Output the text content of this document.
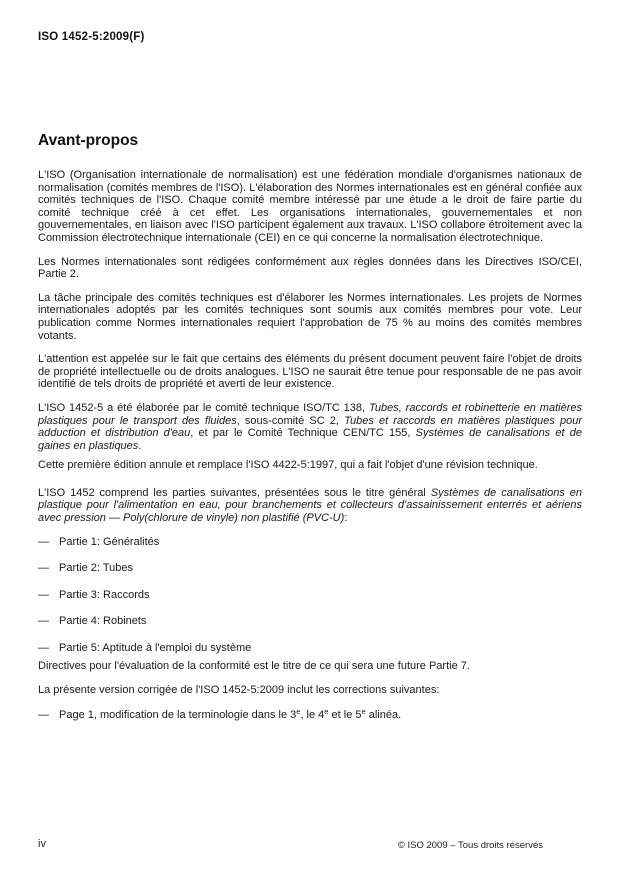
ISO 1452-5:2009(F)
Avant-propos

L'ISO (Organisation internationale de normalisation) est une fédération mondiale d'organismes nationaux de normalisation (comités membres de l'ISO). L'élaboration des Normes internationales est en général confiée aux comités techniques de l'ISO. Chaque comité membre intéressé par une étude a le droit de faire partie du comité technique créé à cet effet. Les organisations internationales, gouvernementales et non gouvernementales, en liaison avec l'ISO participent également aux travaux. L'ISO collabore étroitement avec la Commission électrotechnique internationale (CEI) en ce qui concerne la normalisation électrotechnique.

Les Normes internationales sont rédigées conformément aux règles données dans les Directives ISO/CEI, Partie 2.

La tâche principale des comités techniques est d'élaborer les Normes internationales. Les projets de Normes internationales adoptés par les comités techniques sont soumis aux comités membres pour vote. Leur publication comme Normes internationales requiert l'approbation de 75 % au moins des comités membres votants.

L'attention est appelée sur le fait que certains des éléments du présent document peuvent faire l'objet de droits de propriété intellectuelle ou de droits analogues. L'ISO ne saurait être tenue pour responsable de ne pas avoir identifié de tels droits de propriété et averti de leur existence.

L'ISO 1452-5 a été élaborée par le comité technique ISO/TC 138, Tubes, raccords et robinetterie en matières plastiques pour le transport des fluides, sous-comité SC 2, Tubes et raccords en matières plastiques pour adduction et distribution d'eau, et par le Comité Technique CEN/TC 155, Systèmes de canalisations et de gaines en plastiques.

Cette première édition annule et remplace l'ISO 4422-5:1997, qui a fait l'objet d'une révision technique.

L'ISO 1452 comprend les parties suivantes, présentées sous le titre général Systèmes de canalisations en plastique pour l'alimentation en eau, pour branchements et collecteurs d'assainissement enterrés et aériens avec pression — Poly(chlorure de vinyle) non plastifié (PVC-U):

— Partie 1: Généralités
— Partie 2: Tubes
— Partie 3: Raccords
— Partie 4: Robinets
— Partie 5: Aptitude à l'emploi du système

Directives pour l'évaluation de la conformité est le titre de ce qui sera une future Partie 7.

La présente version corrigée de l'ISO 1452-5:2009 inclut les corrections suivantes:

— Page 1, modification de la terminologie dans le 3e, le 4e et le 5e alinéa.
iv	© ISO 2009 – Tous droits réservés
